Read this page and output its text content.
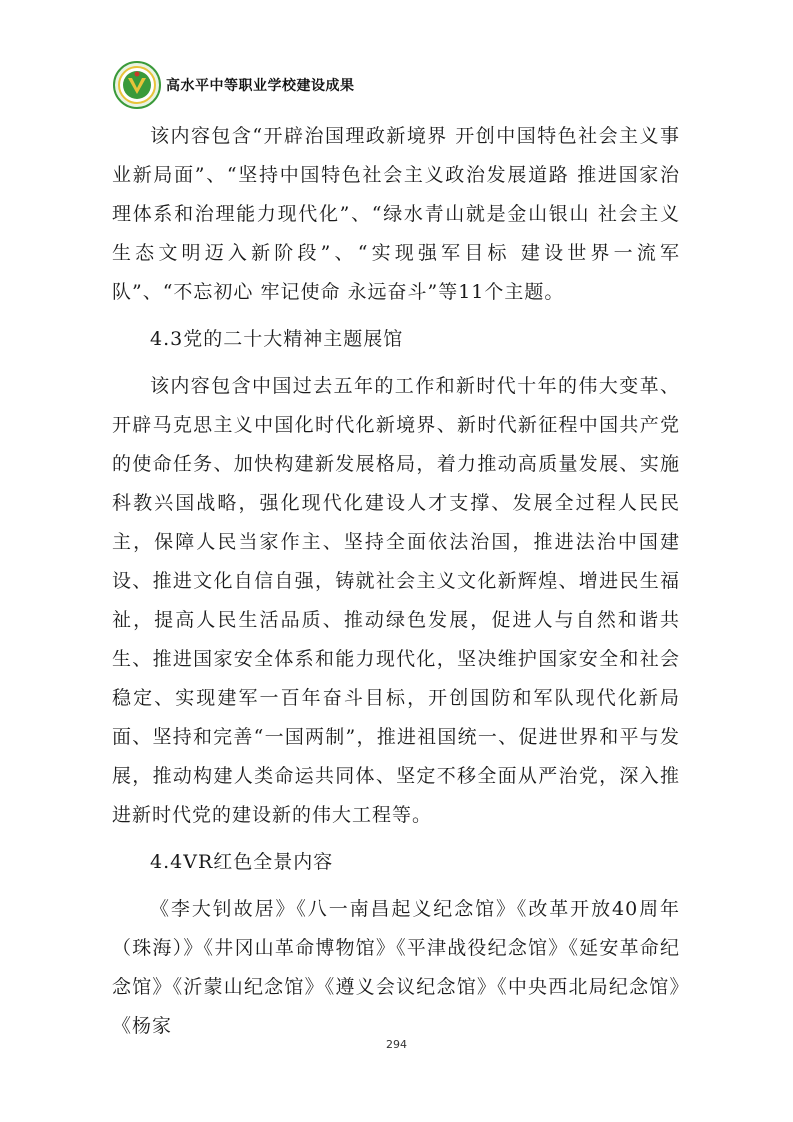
高水平中等职业学校建设成果

该内容包含“开辟治国理政新境界 开创中国特色社会主义事业新局面”、“坚持中国特色社会主义政治发展道路 推进国家治理体系和治理能力现代化”、“绿水青山就是金山银山 社会主义生态文明迈入新阶段”、“实现强军目标 建设世界一流军队”、“不忘初心 牢记使命 永远奋斗”等11个主题。

4.3党的二十大精神主题展馆

该内容包含中国过去五年的工作和新时代十年的伟大变革、开辟马克思主义中国化时代化新境界、新时代新征程中国共产党的使命任务、加快构建新发展格局，着力推动高质量发展、实施科教兴国战略，强化现代化建设人才支撑、发展全过程人民民主，保障人民当家作主、坚持全面依法治国，推进法治中国建设、推进文化自信自强，铸就社会主义文化新辉煌、增进民生福祉，提高人民生活品质、推动绿色发展，促进人与自然和谐共生、推进国家安全体系和能力现代化，坚决维护国家安全和社会稳定、实现建军一百年奋斗目标，开创国防和军队现代化新局面、坚持和完善“一国两制”，推进祖国统一、促进世界和平与发展，推动构建人类命运共同体、坚定不移全面从严治党，深入推进新时代党的建设新的伟大工程等。

4.4VR红色全景内容

《李大钊故居》《八一南昌起义纪念馆》《改革开放40周年（珠海）》《井冈山革命博物馆》《平津战役纪念馆》《延安革命纪念馆》《沂蒙山纪念馆》《遵义会议纪念馆》《中央西北局纪念馆》《杨家

294
